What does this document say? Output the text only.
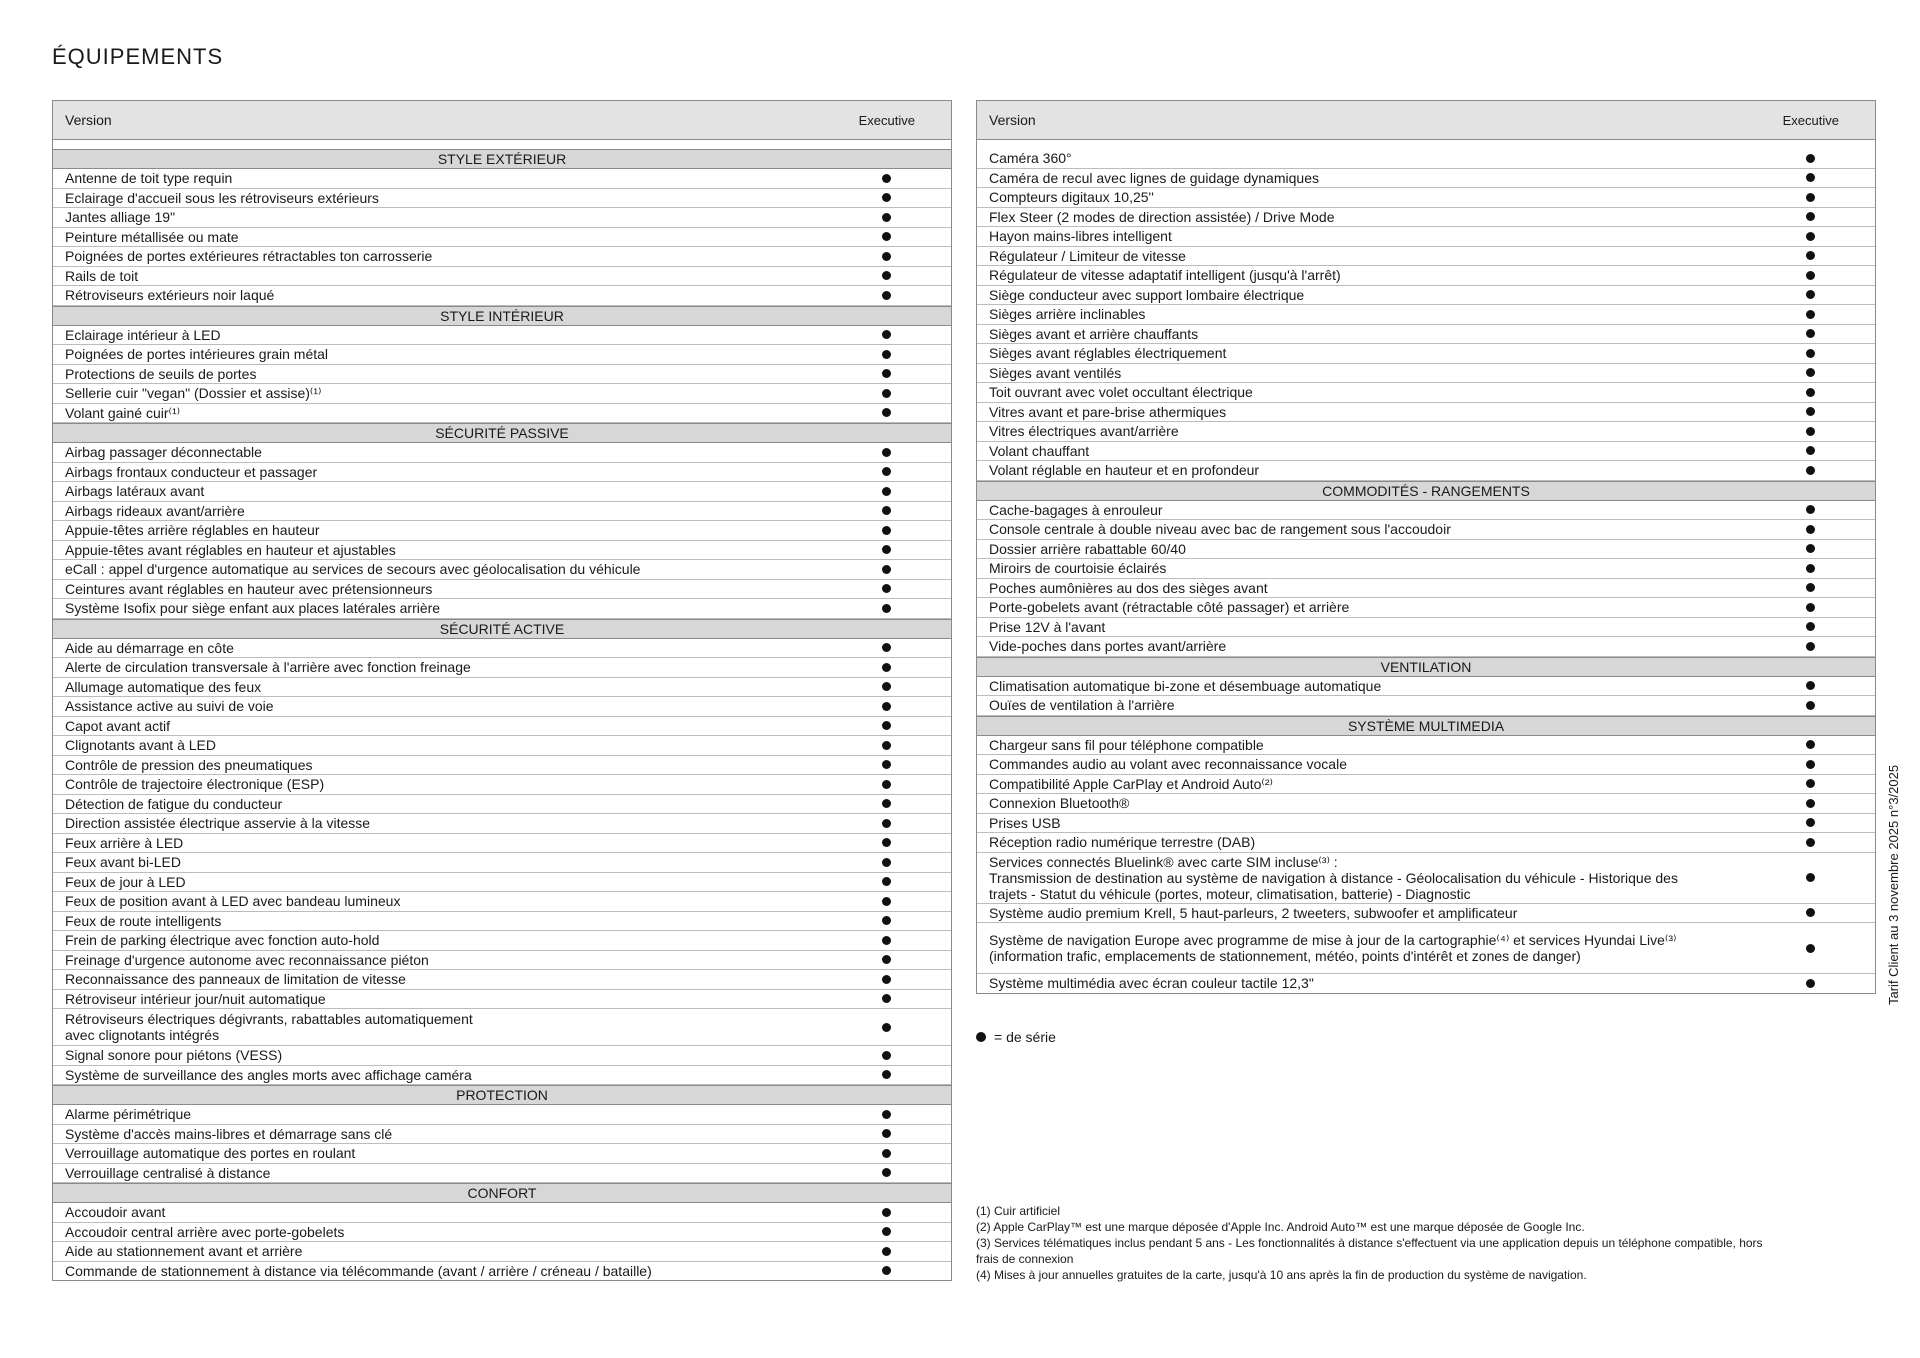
ÉQUIPEMENTS
Version	Executive
STYLE EXTÉRIEUR
Antenne de toit type requin
Eclairage d'accueil sous les rétroviseurs extérieurs
Jantes alliage 19"
Peinture métallisée ou mate
Poignées de portes extérieures rétractables ton carrosserie
Rails de toit
Rétroviseurs extérieurs noir laqué
STYLE INTÉRIEUR
Eclairage intérieur à LED
Poignées de portes intérieures grain métal
Protections de seuils de portes
Sellerie cuir "vegan" (Dossier et assise)⁽¹⁾
Volant gainé cuir⁽¹⁾
SÉCURITÉ PASSIVE
Airbag passager déconnectable
Airbags frontaux conducteur et passager
Airbags latéraux avant
Airbags rideaux avant/arrière
Appuie-têtes arrière réglables en hauteur
Appuie-têtes avant réglables en hauteur et ajustables
eCall : appel d'urgence automatique au services de secours avec géolocalisation du véhicule
Ceintures avant réglables en hauteur avec prétensionneurs
Système Isofix pour siège enfant aux places latérales arrière
SÉCURITÉ ACTIVE
Aide au démarrage en côte
Alerte de circulation transversale à l'arrière avec fonction freinage
Allumage automatique des feux
Assistance active au suivi de voie
Capot avant actif
Clignotants avant à LED
Contrôle de pression des pneumatiques
Contrôle de trajectoire électronique (ESP)
Détection de fatigue du conducteur
Direction assistée électrique asservie à la vitesse
Feux arrière à LED
Feux avant bi-LED
Feux de jour à LED
Feux de position avant à LED avec bandeau lumineux
Feux de route intelligents
Frein de parking électrique avec fonction auto-hold
Freinage d'urgence autonome avec reconnaissance piéton
Reconnaissance des panneaux de limitation de vitesse
Rétroviseur intérieur jour/nuit automatique
Rétroviseurs électriques dégivrants, rabattables automatiquement
avec clignotants intégrés
Signal sonore pour piétons (VESS)
Système de surveillance des angles morts avec affichage caméra
PROTECTION
Alarme périmétrique
Système d'accès mains-libres et démarrage sans clé
Verrouillage automatique des portes en roulant
Verrouillage centralisé à distance
CONFORT
Accoudoir avant
Accoudoir central arrière avec porte-gobelets
Aide au stationnement avant et arrière
Commande de stationnement à distance via télécommande (avant / arrière / créneau / bataille)
Version	Executive
Caméra 360°
Caméra de recul avec lignes de guidage dynamiques
Compteurs digitaux 10,25''
Flex Steer (2 modes de direction assistée) / Drive Mode
Hayon mains-libres intelligent
Régulateur / Limiteur de vitesse
Régulateur de vitesse adaptatif intelligent (jusqu'à l'arrêt)
Siège conducteur avec support lombaire électrique
Sièges arrière inclinables
Sièges avant et arrière chauffants
Sièges avant réglables électriquement
Sièges avant ventilés
Toit ouvrant avec volet occultant électrique
Vitres avant et pare-brise athermiques
Vitres électriques avant/arrière
Volant chauffant
Volant réglable en hauteur et en profondeur
COMMODITÉS - RANGEMENTS
Cache-bagages à enrouleur
Console centrale à double niveau avec bac de rangement sous l'accoudoir
Dossier arrière rabattable 60/40
Miroirs de courtoisie éclairés
Poches aumônières au dos des sièges avant
Porte-gobelets avant (rétractable côté passager) et arrière
Prise 12V à l'avant
Vide-poches dans portes avant/arrière
VENTILATION
Climatisation automatique bi-zone et désembuage automatique
Ouïes de ventilation à l'arrière
SYSTÈME MULTIMEDIA
Chargeur sans fil pour téléphone compatible
Commandes audio au volant avec reconnaissance vocale
Compatibilité Apple CarPlay et Android Auto⁽²⁾
Connexion Bluetooth®
Prises USB
Réception radio numérique terrestre (DAB)
Services connectés Bluelink® avec carte SIM incluse⁽³⁾ :
Transmission de destination au système de navigation à distance - Géolocalisation du véhicule - Historique des
trajets - Statut du véhicule (portes, moteur, climatisation, batterie) - Diagnostic
Système audio premium Krell, 5 haut-parleurs, 2 tweeters, subwoofer et amplificateur
Système de navigation Europe avec programme de mise à jour de la cartographie⁽⁴⁾ et services Hyundai Live⁽³⁾
(information trafic, emplacements de stationnement, météo, points d'intérêt et zones de danger)
Système multimédia avec écran couleur tactile 12,3"
= de série
(1) Cuir artificiel
(2) Apple CarPlay™ est une marque déposée d'Apple Inc. Android Auto™ est une marque déposée de Google Inc.
(3) Services télématiques inclus pendant 5 ans - Les fonctionnalités à distance s'effectuent via une application depuis un téléphone compatible, hors
frais de connexion
(4) Mises à jour annuelles gratuites de la carte, jusqu'à 10 ans après la fin de production du système de navigation.
Tarif Client au 3 novembre 2025 n°3/2025
